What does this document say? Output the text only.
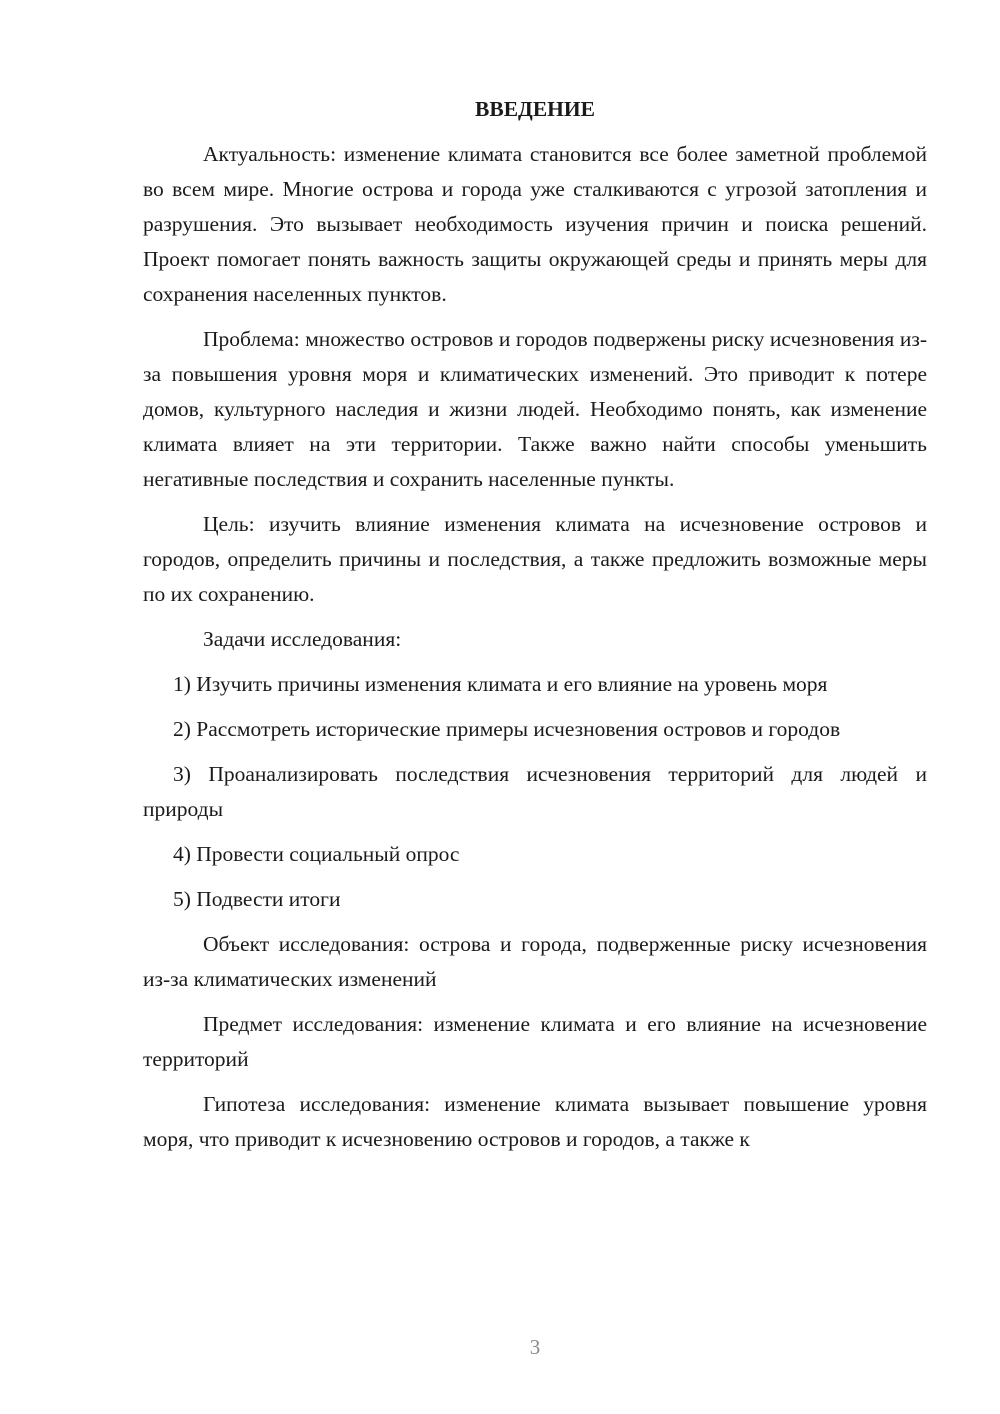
ВВЕДЕНИЕ

Актуальность: изменение климата становится все более заметной проблемой во всем мире. Многие острова и города уже сталкиваются с угрозой затопления и разрушения. Это вызывает необходимость изучения причин и поиска решений. Проект помогает понять важность защиты окружающей среды и принять меры для сохранения населенных пунктов.

Проблема: множество островов и городов подвержены риску исчезновения из-за повышения уровня моря и климатических изменений. Это приводит к потере домов, культурного наследия и жизни людей. Необходимо понять, как изменение климата влияет на эти территории. Также важно найти способы уменьшить негативные последствия и сохранить населенные пункты.

Цель: изучить влияние изменения климата на исчезновение островов и городов, определить причины и последствия, а также предложить возможные меры по их сохранению.

Задачи исследования:

1) Изучить причины изменения климата и его влияние на уровень моря

2) Рассмотреть исторические примеры исчезновения островов и городов

3) Проанализировать последствия исчезновения территорий для людей и природы

4) Провести социальный опрос

5) Подвести итоги

Объект исследования: острова и города, подверженные риску исчезновения из-за климатических изменений

Предмет исследования: изменение климата и его влияние на исчезновение территорий

Гипотеза исследования: изменение климата вызывает повышение уровня моря, что приводит к исчезновению островов и городов, а также к

3
